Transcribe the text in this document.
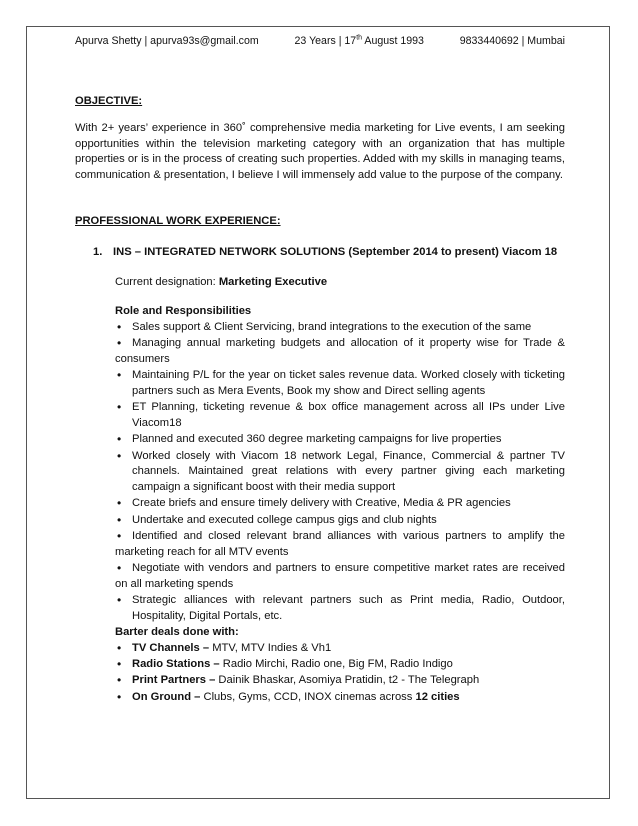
Apurva Shetty | apurva93s@gmail.com	23 Years | 17th August 1993	9833440692 | Mumbai
OBJECTIVE:
With 2+ years’ experience in 360˚ comprehensive media marketing for Live events, I am seeking opportunities within the television marketing category with an organization that has multiple properties or is in the process of creating such properties. Added with my skills in managing teams, communication & presentation, I believe I will immensely add value to the purpose of the company.
PROFESSIONAL WORK EXPERIENCE:
1. INS – INTEGRATED NETWORK SOLUTIONS (September 2014 to present) Viacom 18
Current designation: Marketing Executive
Role and Responsibilities
• Sales support & Client Servicing, brand integrations to the execution of the same
• Managing annual marketing budgets and allocation of it property wise for Trade & consumers
• Maintaining P/L for the year on ticket sales revenue data. Worked closely with ticketing partners such as Mera Events, Book my show and Direct selling agents
• ET Planning, ticketing revenue & box office management across all IPs under Live Viacom18
• Planned and executed 360 degree marketing campaigns for live properties
• Worked closely with Viacom 18 network Legal, Finance, Commercial & partner TV channels. Maintained great relations with every partner giving each marketing campaign a significant boost with their media support
• Create briefs and ensure timely delivery with Creative, Media & PR agencies
• Undertake and executed college campus gigs and club nights
• Identified and closed relevant brand alliances with various partners to amplify the marketing reach for all MTV events
• Negotiate with vendors and partners to ensure competitive market rates are received on all marketing spends
• Strategic alliances with relevant partners such as Print media, Radio, Outdoor, Hospitality, Digital Portals, etc.
Barter deals done with:
• TV Channels – MTV, MTV Indies & Vh1
• Radio Stations – Radio Mirchi, Radio one, Big FM, Radio Indigo
• Print Partners – Dainik Bhaskar, Asomiya Pratidin, t2 - The Telegraph
• On Ground – Clubs, Gyms, CCD, INOX cinemas across 12 cities
